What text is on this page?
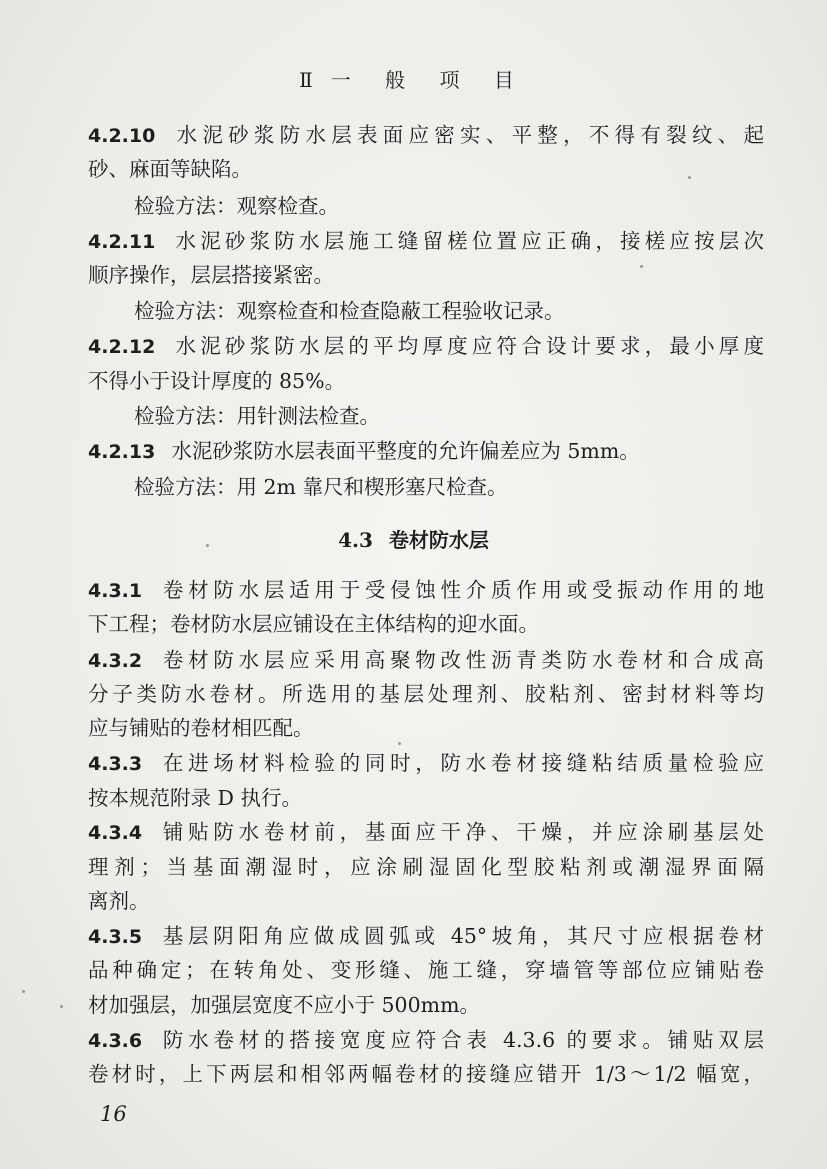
Ⅱ 一 般 项 目
4.2.10 水泥砂浆防水层表面应密实、平整，不得有裂纹、起
砂、麻面等缺陷。
检验方法：观察检查。
4.2.11 水泥砂浆防水层施工缝留槎位置应正确，接槎应按层次
顺序操作，层层搭接紧密。
检验方法：观察检查和检查隐蔽工程验收记录。
4.2.12 水泥砂浆防水层的平均厚度应符合设计要求，最小厚度
不得小于设计厚度的 85%。
检验方法：用针测法检查。
4.2.13 水泥砂浆防水层表面平整度的允许偏差应为 5mm。
检验方法：用 2m 靠尺和楔形塞尺检查。
4.3 卷材防水层
4.3.1 卷材防水层适用于受侵蚀性介质作用或受振动作用的地
下工程；卷材防水层应铺设在主体结构的迎水面。
4.3.2 卷材防水层应采用高聚物改性沥青类防水卷材和合成高
分子类防水卷材。所选用的基层处理剂、胶粘剂、密封材料等均
应与铺贴的卷材相匹配。
4.3.3 在进场材料检验的同时，防水卷材接缝粘结质量检验应
按本规范附录 D 执行。
4.3.4 铺贴防水卷材前，基面应干净、干燥，并应涂刷基层处
理剂；当基面潮湿时，应涂刷湿固化型胶粘剂或潮湿界面隔
离剂。
4.3.5 基层阴阳角应做成圆弧或 45°坡角，其尺寸应根据卷材
品种确定；在转角处、变形缝、施工缝，穿墙管等部位应铺贴卷
材加强层，加强层宽度不应小于 500mm。
4.3.6 防水卷材的搭接宽度应符合表 4.3.6 的要求。铺贴双层
卷材时，上下两层和相邻两幅卷材的接缝应错开 1/3～1/2 幅宽，
16
